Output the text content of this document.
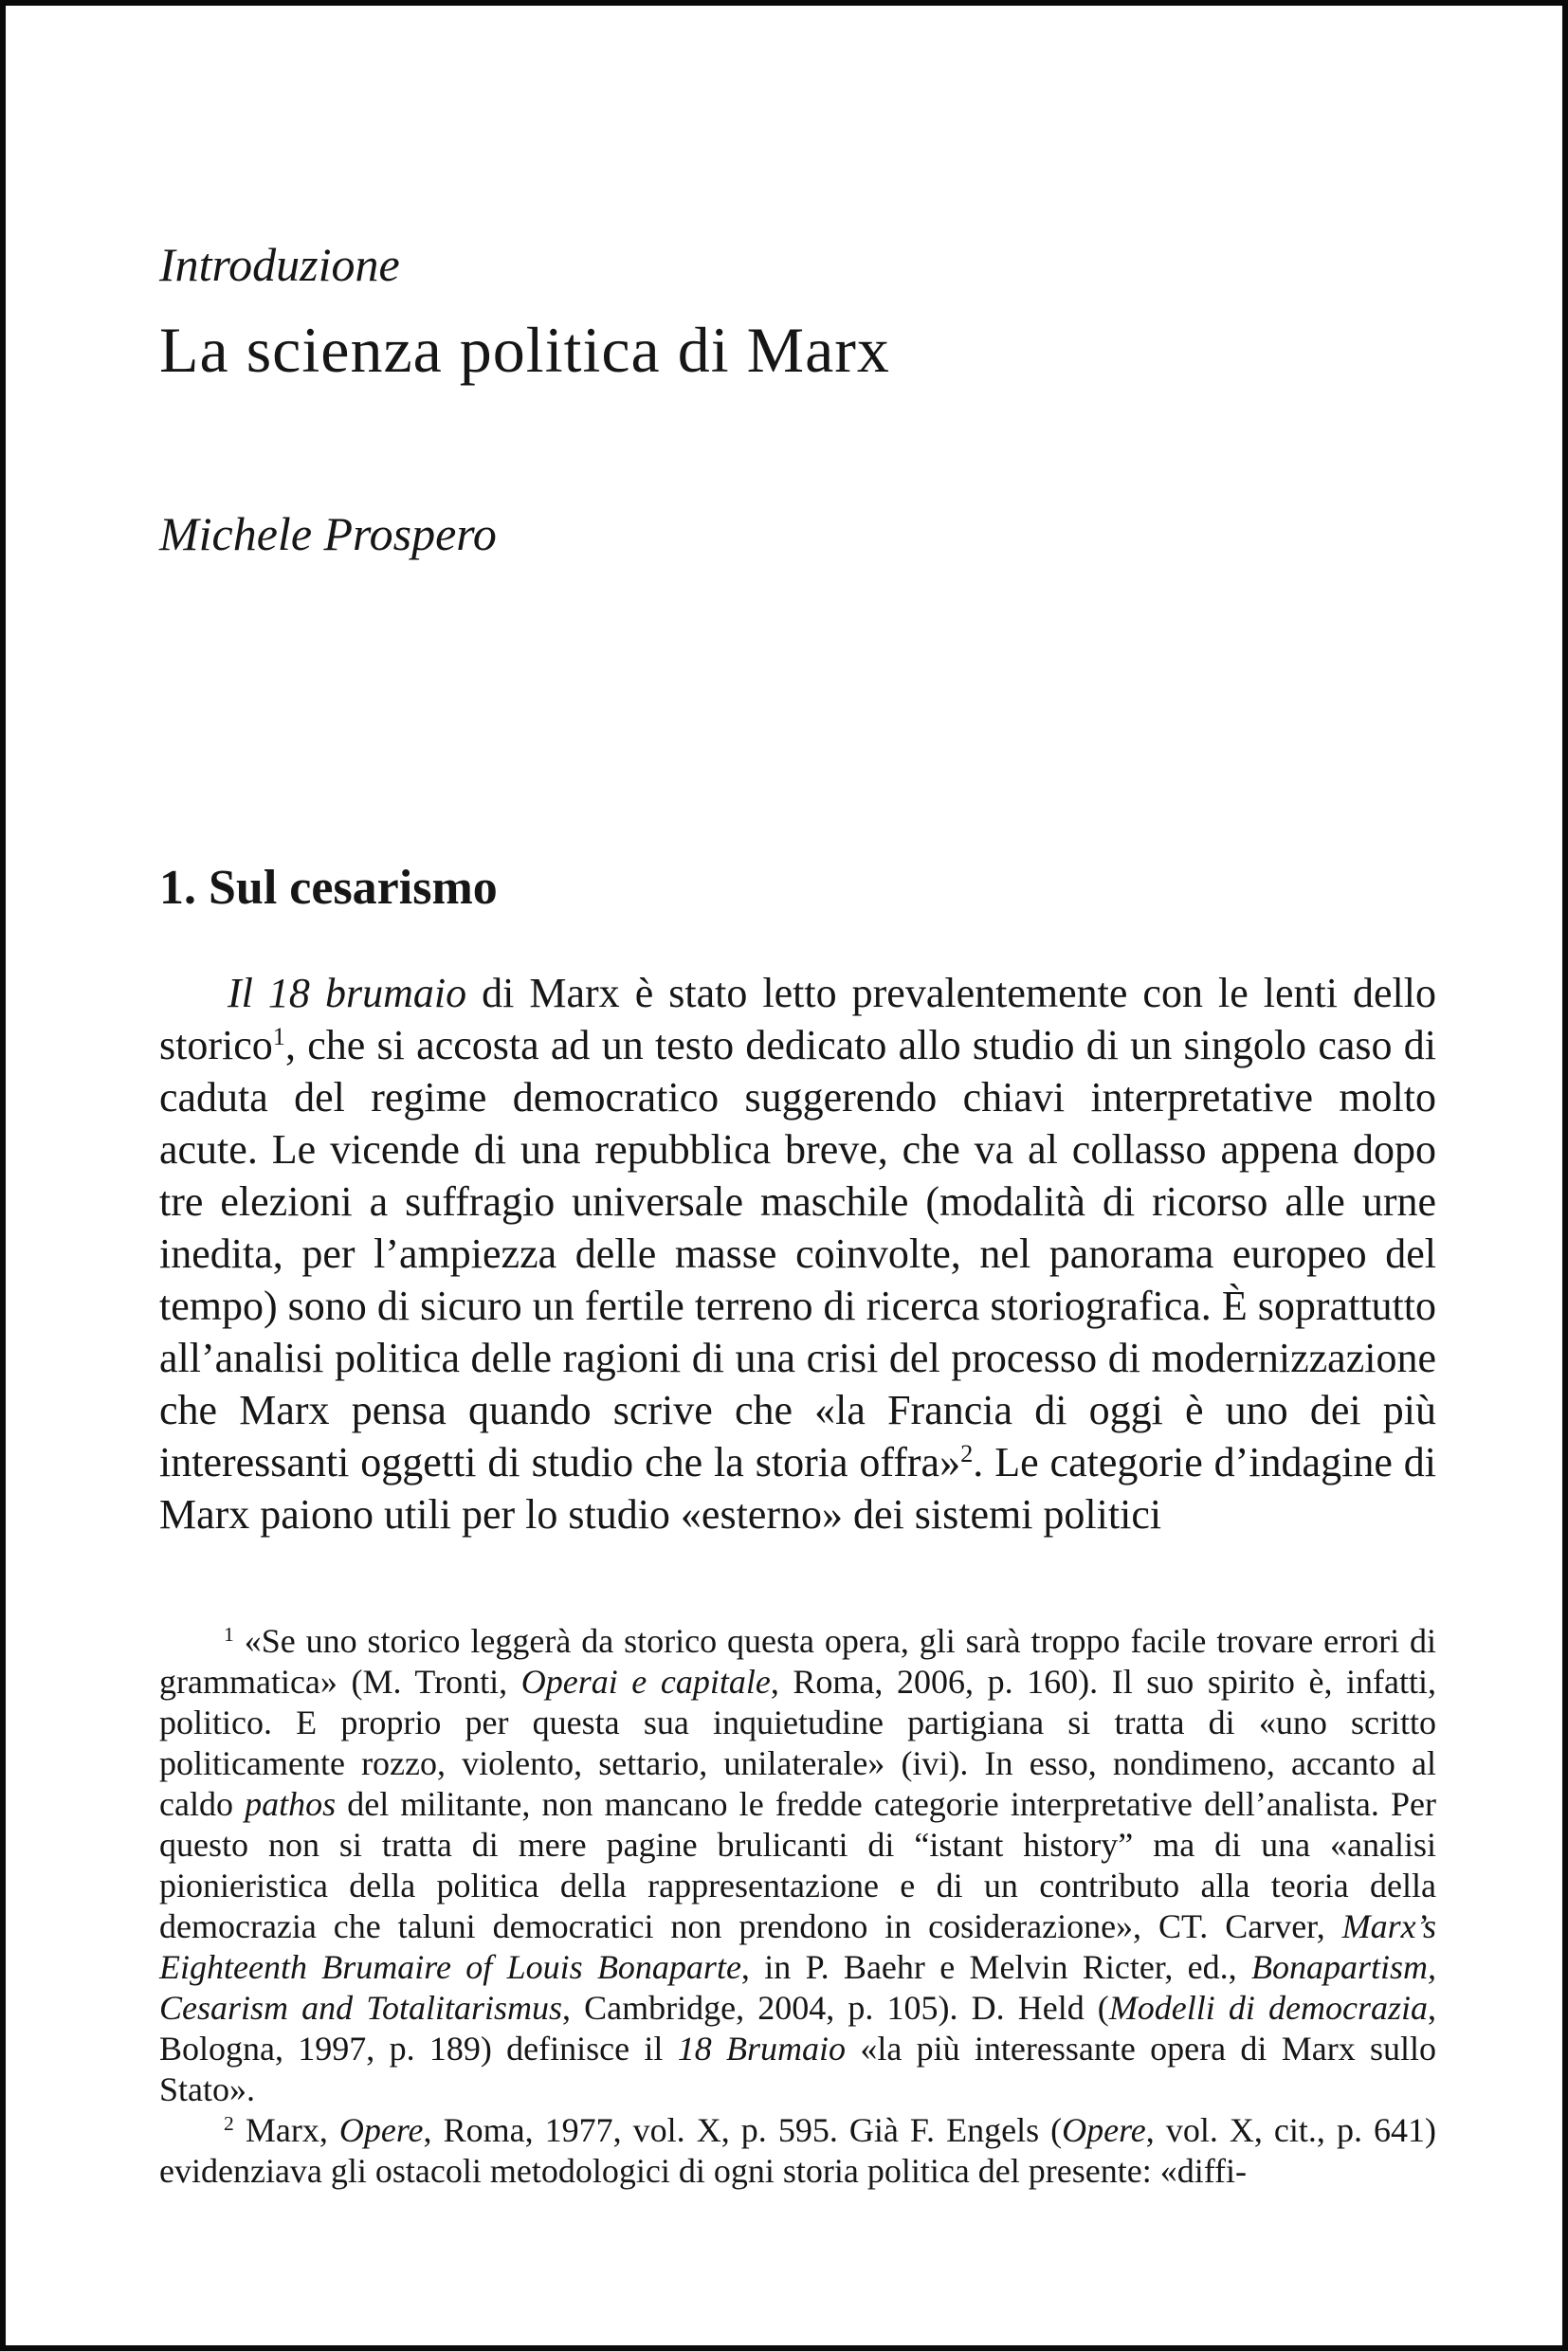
Introduzione
La scienza politica di Marx
Michele Prospero
1. Sul cesarismo

Il 18 brumaio di Marx è stato letto prevalentemente con le lenti dello storico$^1$, che si accosta ad un testo dedicato allo studio di un singolo caso di caduta del regime democratico suggerendo chiavi interpretative molto acute. Le vicende di una repubblica breve, che va al collasso appena dopo tre elezioni a suffragio universale maschile (modalità di ricorso alle urne inedita, per l’ampiezza delle masse coinvolte, nel panorama europeo del tempo) sono di sicuro un fertile terreno di ricerca storiografica. È soprattutto all’analisi politica delle ragioni di una crisi del processo di modernizzazione che Marx pensa quando scrive che «la Francia di oggi è uno dei più interessanti oggetti di studio che la storia offra»$^2$. Le categorie d’indagine di Marx paiono utili per lo studio «esterno» dei sistemi politici

$^1$ «Se uno storico leggerà da storico questa opera, gli sarà troppo facile trovare errori di grammatica» (M. Tronti, Operai e capitale, Roma, 2006, p. 160). Il suo spirito è, infatti, politico. E proprio per questa sua inquietudine partigiana si tratta di «uno scritto politicamente rozzo, violento, settario, unilaterale» (ivi). In esso, nondimeno, accanto al caldo pathos del militante, non mancano le fredde categorie interpretative dell’analista. Per questo non si tratta di mere pagine brulicanti di “istant history” ma di una «analisi pionieristica della politica della rappresentazione e di un contributo alla teoria della democrazia che taluni democratici non prendono in cosiderazione», CT. Carver, Marx’s Eighteenth Brumaire of Louis Bonaparte, in P. Baehr e Melvin Ricter, ed., Bonapartism, Cesarism and Totalitarismus, Cambridge, 2004, p. 105). D. Held (Modelli di democrazia, Bologna, 1997, p. 189) definisce il 18 Brumaio «la più interessante opera di Marx sullo Stato».

$^2$ Marx, Opere, Roma, 1977, vol. X, p. 595. Già F. Engels (Opere, vol. X, cit., p. 641) evidenziava gli ostacoli metodologici di ogni storia politica del presente: «diffi-
